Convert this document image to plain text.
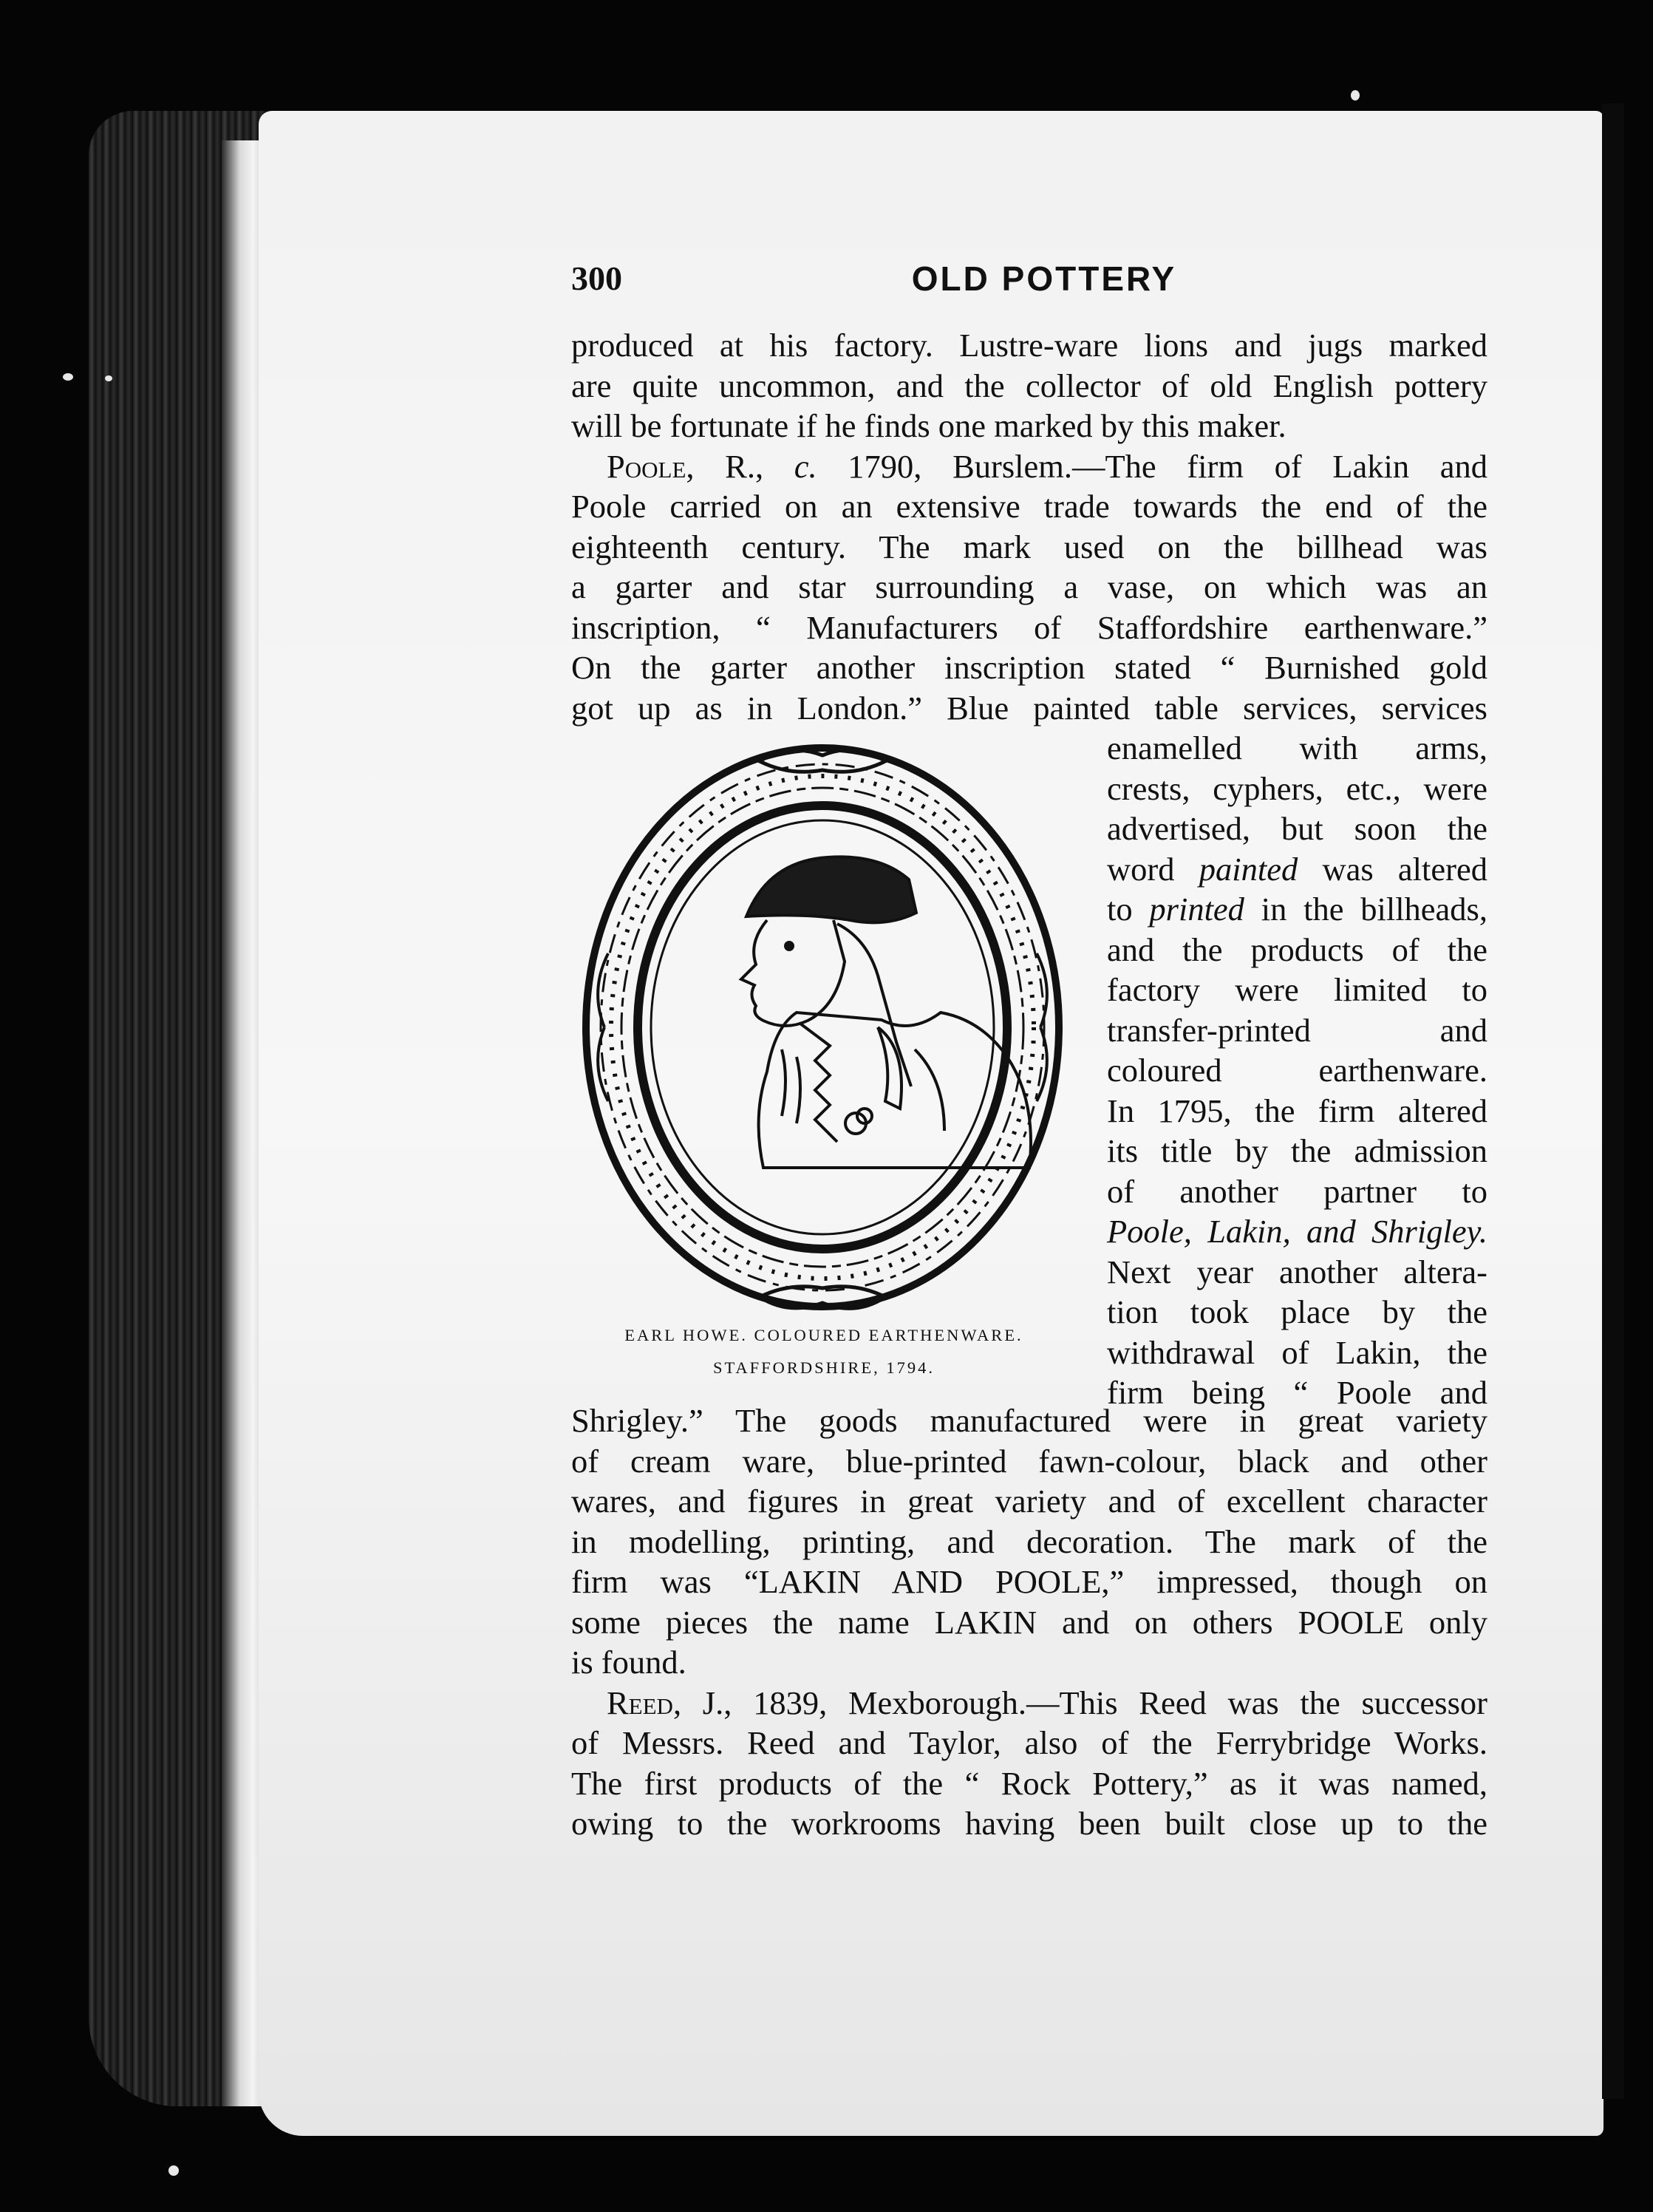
300	OLD POTTERY

produced at his factory. Lustre-ware lions and jugs marked

are quite uncommon, and the collector of old English pottery

will be fortunate if he finds one marked by this maker.

Poole, R., c. 1790, Burslem.—The firm of Lakin and

Poole carried on an extensive trade towards the end of the

eighteenth century. The mark used on the billhead was

a garter and star surrounding a vase, on which was an

inscription, “ Manufacturers of Staffordshire earthenware.”

On the garter another inscription stated “ Burnished gold

got up as in London.” Blue painted table services, services

EARL HOWE. COLOURED EARTHENWARE.
STAFFORDSHIRE, 1794.

enamelled with arms,

crests, cyphers, etc., were

advertised, but soon the

word painted was altered

to printed in the billheads,

and the products of the

factory were limited to

transfer-printed and

coloured earthenware.

In 1795, the firm altered

its title by the admission

of another partner to

Poole, Lakin, and Shrigley.

Next year another altera-

tion took place by the

withdrawal of Lakin, the

firm being “ Poole and

Shrigley.” The goods manufactured were in great variety

of cream ware, blue-printed fawn-colour, black and other

wares, and figures in great variety and of excellent character

in modelling, printing, and decoration. The mark of the

firm was “LAKIN AND POOLE,” impressed, though on

some pieces the name LAKIN and on others POOLE only

is found.

Reed, J., 1839, Mexborough.—This Reed was the successor

of Messrs. Reed and Taylor, also of the Ferrybridge Works.

The first products of the “ Rock Pottery,” as it was named,

owing to the workrooms having been built close up to the
